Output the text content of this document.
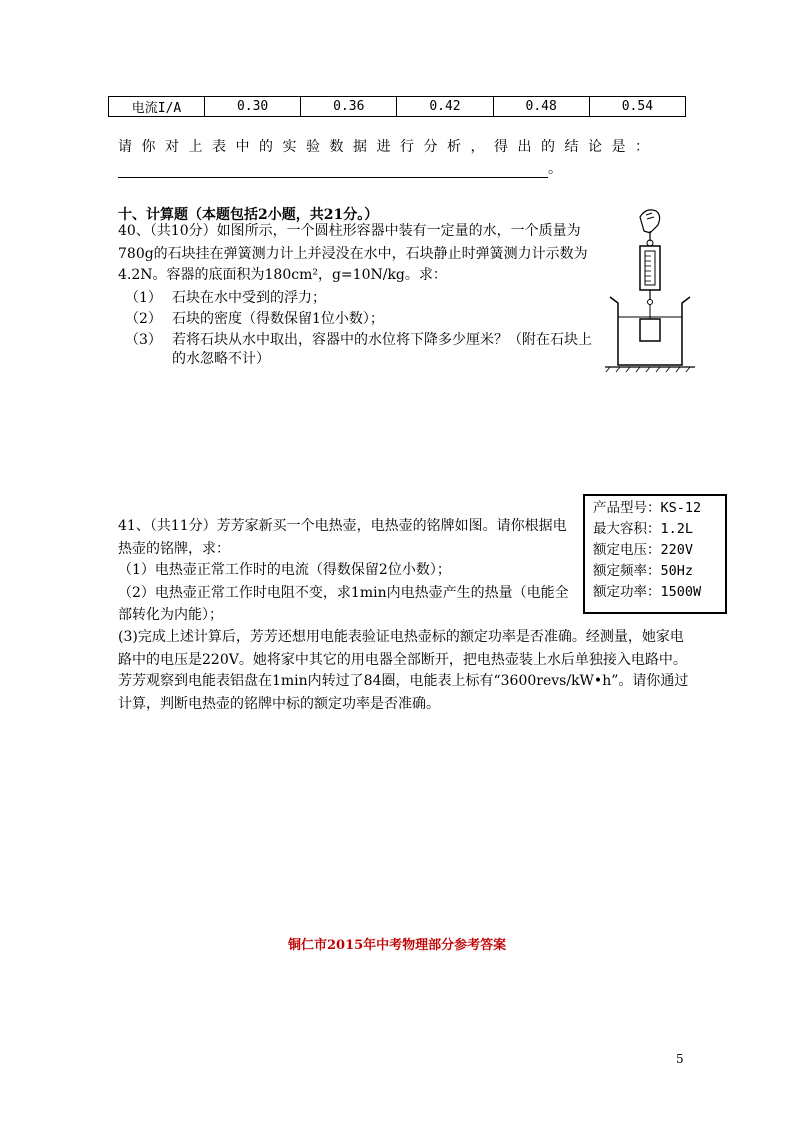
电流I/A	0.30	0.36	0.42	0.48	0.54
请你对上表中的实验数据进行分析，得出的结论是：
。
十、计算题（本题包括2小题，共21分。）
40、（共10分）如图所示，一个圆柱形容器中装有一定量的水，一个质量为
780g的石块挂在弹簧测力计上并浸没在水中，石块静止时弹簧测力计示数为
4.2N。容器的底面积为180cm²，g=10N/kg。求：
（1） 石块在水中受到的浮力；
（2） 石块的密度（得数保留1位小数）；
（3） 若将石块从水中取出，容器中的水位将下降多少厘米？（附在石块上
的水忽略不计）
产品型号：KS-12
最大容积：1.2L
额定电压：220V
额定频率：50Hz
额定功率：1500W
41、（共11分）芳芳家新买一个电热壶，电热壶的铭牌如图。请你根据电
热壶的铭牌，求：
（1）电热壶正常工作时的电流（得数保留2位小数）；
（2）电热壶正常工作时电阻不变，求1min内电热壶产生的热量（电能全
部转化为内能）；
(3)完成上述计算后，芳芳还想用电能表验证电热壶标的额定功率是否准确。经测量，她家电
路中的电压是220V。她将家中其它的用电器全部断开，把电热壶装上水后单独接入电路中。
芳芳观察到电能表铝盘在1min内转过了84圈，电能表上标有“3600revs/kW•h”。请你通过
计算，判断电热壶的铭牌中标的额定功率是否准确。
铜仁市2015年中考物理部分参考答案
5
